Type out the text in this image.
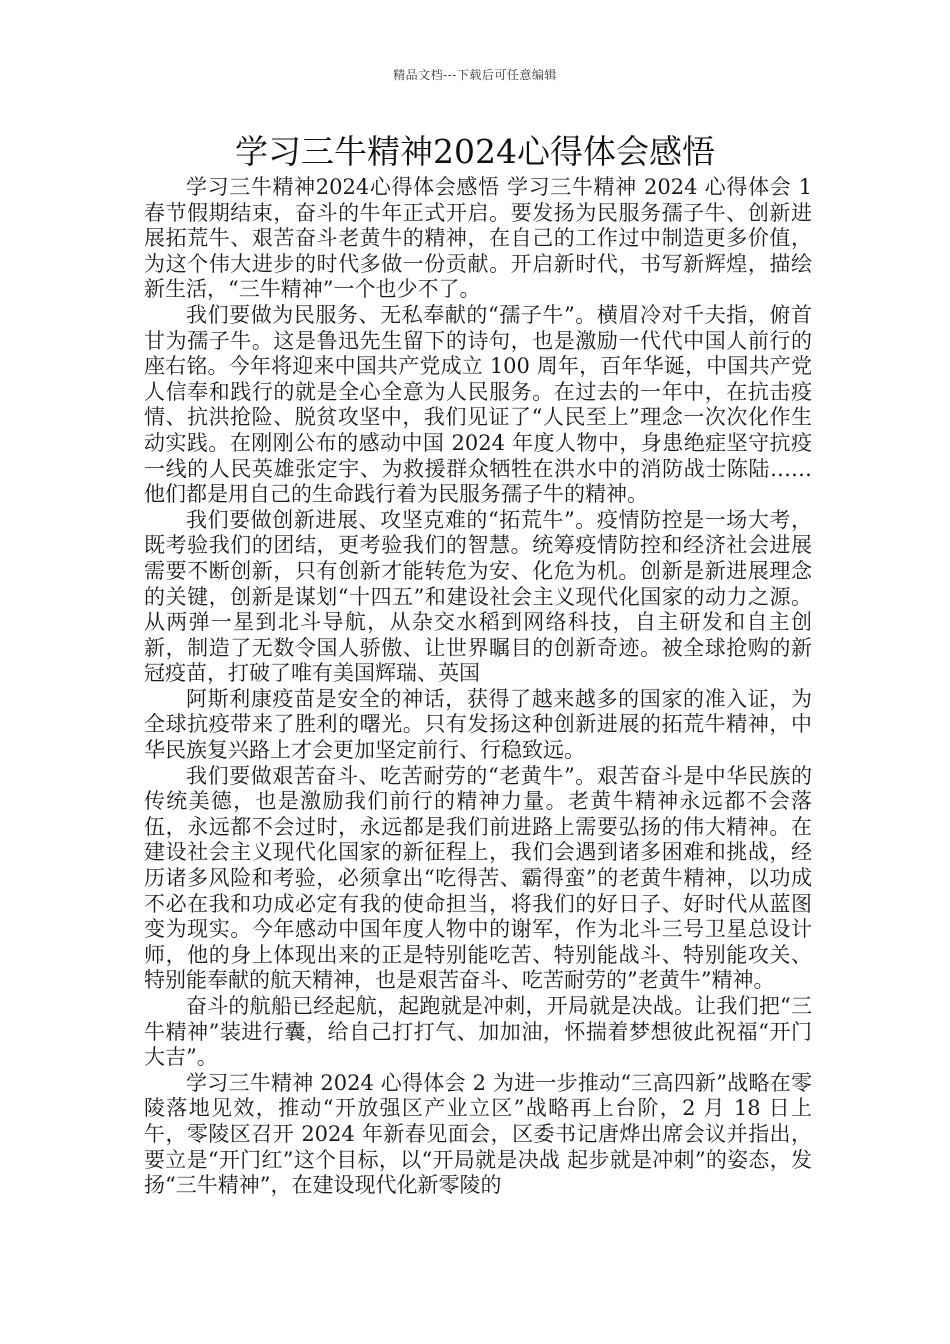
精品文档---下载后可任意编辑
学习三牛精神2024心得体会感悟

学习三牛精神2024心得体会感悟 学习三牛精神 2024 心得体会 1 春节假期结束，奋斗的牛年正式开启。要发扬为民服务孺子牛、创新进展拓荒牛、艰苦奋斗老黄牛的精神，在自己的工作过中制造更多价值，为这个伟大进步的时代多做一份贡献。开启新时代，书写新辉煌，描绘新生活，“三牛精神”一个也少不了。

我们要做为民服务、无私奉献的“孺子牛”。横眉冷对千夫指，俯首甘为孺子牛。这是鲁迅先生留下的诗句，也是激励一代代中国人前行的座右铭。今年将迎来中国共产党成立 100 周年，百年华诞，中国共产党人信奉和践行的就是全心全意为人民服务。在过去的一年中，在抗击疫情、抗洪抢险、脱贫攻坚中，我们见证了“人民至上”理念一次次化作生动实践。在刚刚公布的感动中国 2024 年度人物中，身患绝症坚守抗疫一线的人民英雄张定宇、为救援群众牺牲在洪水中的消防战士陈陆……他们都是用自己的生命践行着为民服务孺子牛的精神。

我们要做创新进展、攻坚克难的“拓荒牛”。疫情防控是一场大考，既考验我们的团结，更考验我们的智慧。统筹疫情防控和经济社会进展需要不断创新，只有创新才能转危为安、化危为机。创新是新进展理念的关键，创新是谋划“十四五”和建设社会主义现代化国家的动力之源。从两弹一星到北斗导航，从杂交水稻到网络科技，自主研发和自主创新，制造了无数令国人骄傲、让世界瞩目的创新奇迹。被全球抢购的新冠疫苗，打破了唯有美国辉瑞、英国

阿斯利康疫苗是安全的神话，获得了越来越多的国家的准入证，为全球抗疫带来了胜利的曙光。只有发扬这种创新进展的拓荒牛精神，中华民族复兴路上才会更加坚定前行、行稳致远。

我们要做艰苦奋斗、吃苦耐劳的“老黄牛”。艰苦奋斗是中华民族的传统美德，也是激励我们前行的精神力量。老黄牛精神永远都不会落伍，永远都不会过时，永远都是我们前进路上需要弘扬的伟大精神。在建设社会主义现代化国家的新征程上，我们会遇到诸多困难和挑战，经历诸多风险和考验，必须拿出“吃得苦、霸得蛮”的老黄牛精神，以功成不必在我和功成必定有我的使命担当，将我们的好日子、好时代从蓝图变为现实。今年感动中国年度人物中的谢军，作为北斗三号卫星总设计师，他的身上体现出来的正是特别能吃苦、特别能战斗、特别能攻关、特别能奉献的航天精神，也是艰苦奋斗、吃苦耐劳的”老黄牛”精神。

奋斗的航船已经起航，起跑就是冲刺，开局就是决战。让我们把“三牛精神”装进行囊，给自己打打气、加加油，怀揣着梦想彼此祝福“开门大吉”。

学习三牛精神 2024 心得体会 2 为进一步推动“三高四新”战略在零陵落地见效，推动“开放强区产业立区”战略再上台阶，2 月 18 日上午，零陵区召开 2024 年新春见面会，区委书记唐烨出席会议并指出，要立是“开门红”这个目标，以“开局就是决战 起步就是冲刺”的姿态，发扬“三牛精神”，在建设现代化新零陵的
